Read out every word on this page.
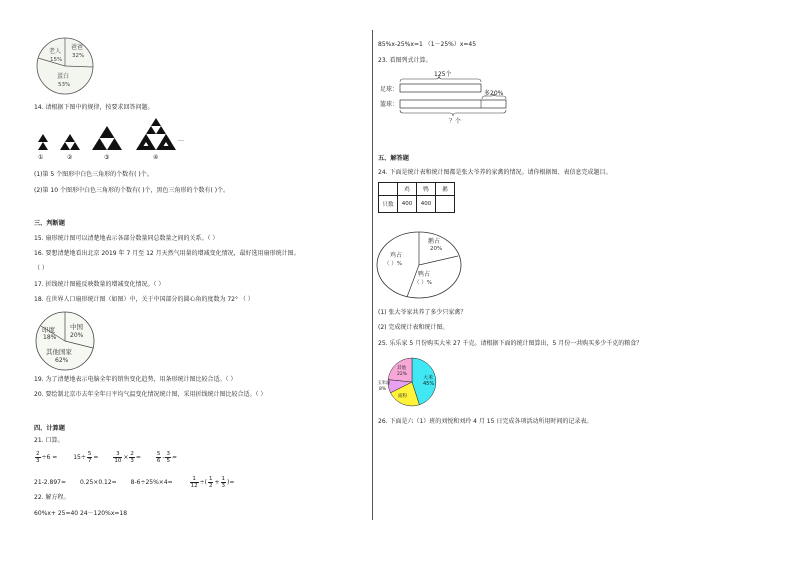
老人
15%
爸爸
32%
蛋白
53%
14. 请根据下图中的规律，按要求回答问题。
①	②	③	④
…
(1)第 5 个图形中白色三角形的个数有( )个。
(2)第 10 个图形中白色三角形的个数有( )个，黑色三角形的个数有( )个。
三、判断题
15. 扇形统计图可以清楚地表示各部分数量同总数量之间的关系。（ ）
16. 要想清楚地看出北京 2019 年 7 月至 12 月天然气用量的增减变化情况，最好选用扇形统计图。
（ ）
17. 折线统计图能反映数量的增减变化情况。（ ）
18. 在世界人口扇形统计图（如图）中，关于中国部分的圆心角的度数为 72° （ ）
印度
18%
中国
20%
其他国家
62%
19. 为了清楚地表示电脑全年的销售变化趋势，用条形统计图比较合适。（ ）
20. 要绘制北京市去年全年日平均气温变化情况统计图，采用折线统计图比较合适。（ ）
四、计算题
21. 口算。
$\frac{2}{3} \div 6$ =	$15\div \frac{5}{7}$ =	$\frac{3}{10} \times \frac{2}{3}$ =	$\frac{5}{6} - \frac{3}{5}$ =
21-2.897= 0.25×0.12= 8-6÷25%×4=	$\frac{1}{12}$ ÷( $\frac{1}{2} + \frac{1}{3}$ )=
22. 解方程。
60%x+ 25=40 24－120%x=18
85%x-25%x=1 （1－25%）x=45
23. 看图列式计算。
125个
足球：
篮球：
多20%
？个
五、解答题
24. 下面是统计表和统计图都是张大爷养的家禽的情况。请你根据图、表信息完成题目。
	鸡	鸭	鹅
只数	400	400	
鹅占
20%
鸡占
（ ）%
鸭占
（ ）%
(1) 张大爷家共养了多少只家禽？
(2) 完成统计表和统计图。
25. 乐乐家 5 月份购买大米 27 千克。请根据下面的统计图算出，5 月份一共购买多少千克的粮食？
大米
45%
其他
22%
玉米面
8%
面粉
26. 下面是六（1）班的刘悦和刘玲 4 月 15 日完成各项活动所用时间的记录表。
